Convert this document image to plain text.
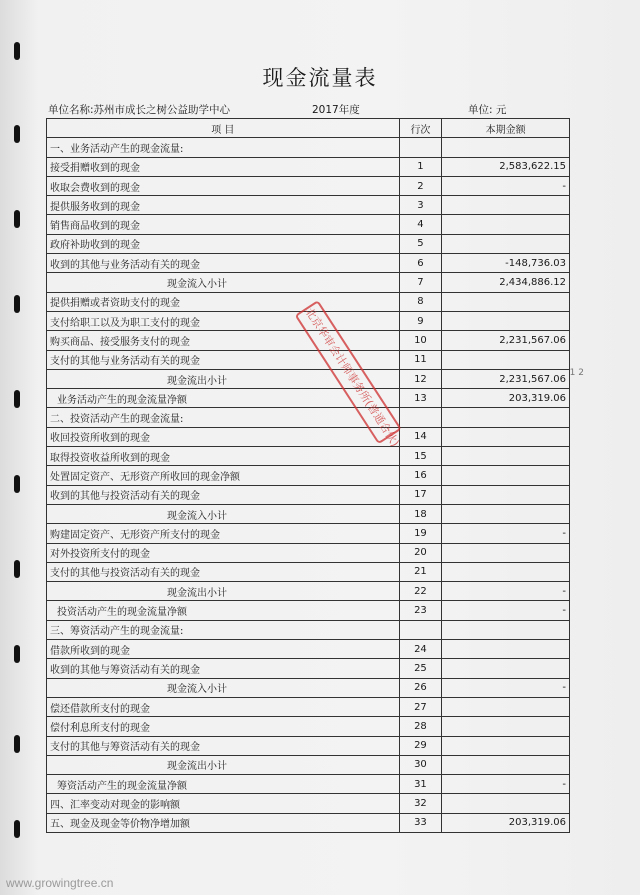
现金流量表
单位名称:苏州市成长之树公益助学中心	2017年度	单位: 元
项 目	行次	本期金额
一、业务活动产生的现金流量:		
接受捐赠收到的现金	1	2,583,622.15
收取会费收到的现金	2	-
提供服务收到的现金	3	
销售商品收到的现金	4	
政府补助收到的现金	5	
收到的其他与业务活动有关的现金	6	-148,736.03
现金流入小计	7	2,434,886.12
提供捐赠或者资助支付的现金	8	
支付给职工以及为职工支付的现金	9	
购买商品、接受服务支付的现金	10	2,231,567.06
支付的其他与业务活动有关的现金	11	
现金流出小计	12	2,231,567.06
业务活动产生的现金流量净额	13	203,319.06
二、投资活动产生的现金流量:		
收回投资所收到的现金	14	
取得投资收益所收到的现金	15	
处置固定资产、无形资产所收回的现金净额	16	
收到的其他与投资活动有关的现金	17	
现金流入小计	18	
购建固定资产、无形资产所支付的现金	19	-
对外投资所支付的现金	20	
支付的其他与投资活动有关的现金	21	
现金流出小计	22	-
投资活动产生的现金流量净额	23	-
三、筹资活动产生的现金流量:		
借款所收到的现金	24	
收到的其他与筹资活动有关的现金	25	
现金流入小计	26	-
偿还借款所支付的现金	27	
偿付利息所支付的现金	28	
支付的其他与筹资活动有关的现金	29	
现金流出小计	30	
筹资活动产生的现金流量净额	31	-
四、汇率变动对现金的影响额	32	
五、现金及现金等价物净增加额	33	203,319.06
北京华审会计师事务所(普通合伙)	1 2
www.growingtree.cn
